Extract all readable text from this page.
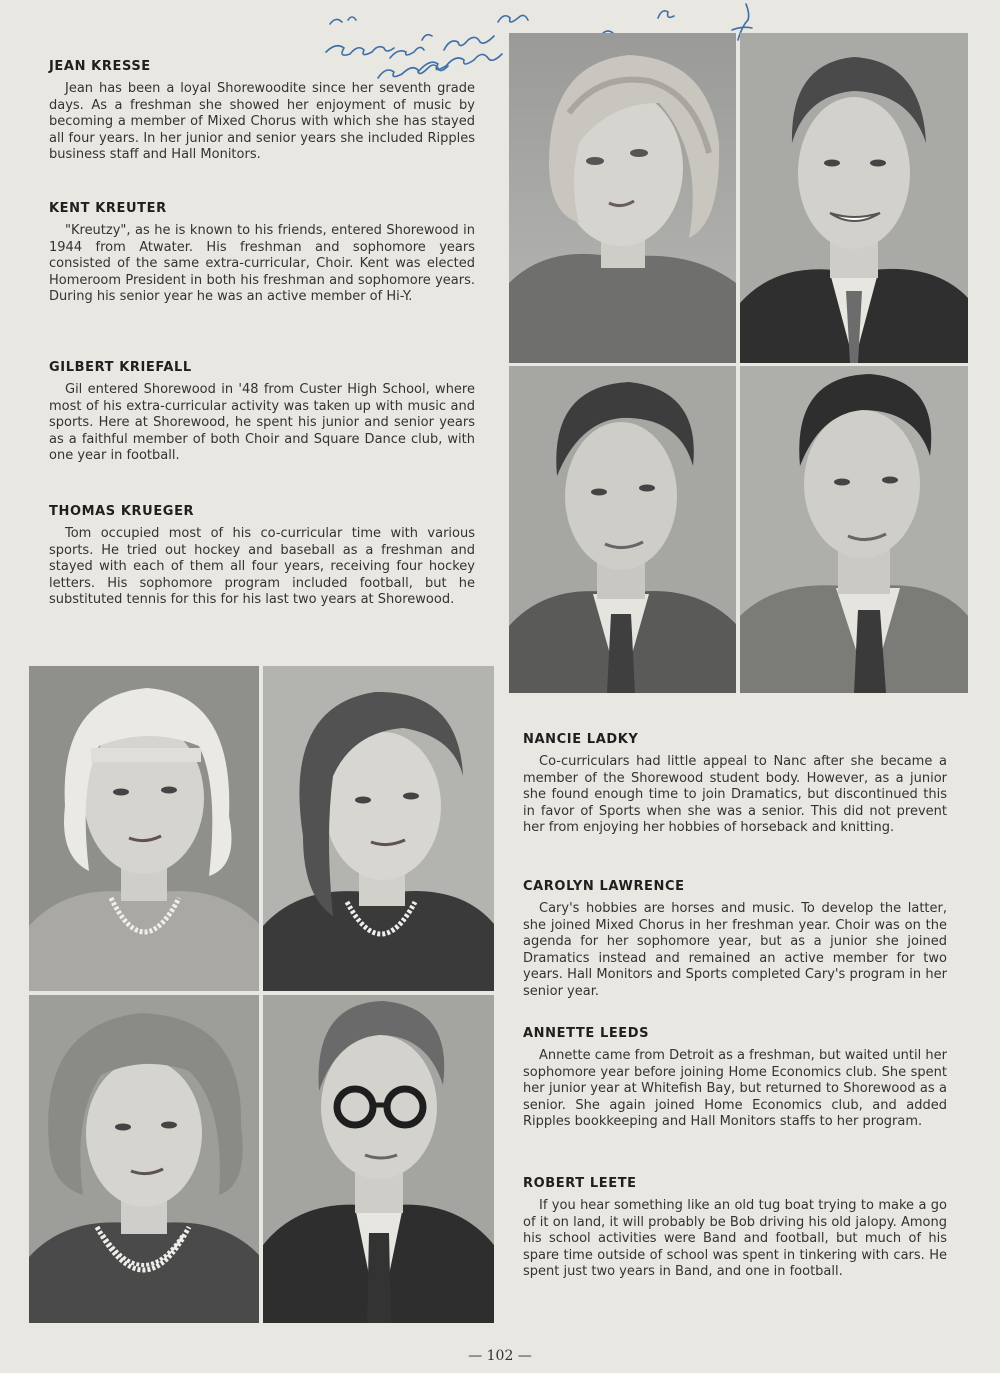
JEAN KRESSE

Jean has been a loyal Shorewoodite since her seventh grade days. As a freshman she showed her enjoyment of music by becoming a member of Mixed Chorus with which she has stayed all four years. In her junior and senior years she included Ripples business staff and Hall Monitors.

KENT KREUTER

"Kreutzy", as he is known to his friends, entered Shorewood in 1944 from Atwater. His freshman and sophomore years consisted of the same extra-curricular, Choir. Kent was elected Homeroom President in both his freshman and sophomore years. During his senior year he was an active member of Hi-Y.

GILBERT KRIEFALL

Gil entered Shorewood in '48 from Custer High School, where most of his extra-curricular activity was taken up with music and sports. Here at Shorewood, he spent his junior and senior years as a faithful member of both Choir and Square Dance club, with one year in football.

THOMAS KRUEGER

Tom occupied most of his co-curricular time with various sports. He tried out hockey and baseball as a freshman and stayed with each of them all four years, receiving four hockey letters. His sophomore program included football, but he substituted tennis for this for his last two years at Shorewood.

NANCIE LADKY

Co-curriculars had little appeal to Nanc after she became a member of the Shorewood student body. However, as a junior she found enough time to join Dramatics, but discontinued this in favor of Sports when she was a senior. This did not prevent her from enjoying her hobbies of horseback and knitting.

CAROLYN LAWRENCE

Cary's hobbies are horses and music. To develop the latter, she joined Mixed Chorus in her freshman year. Choir was on the agenda for her sophomore year, but as a junior she joined Dramatics instead and remained an active member for two years. Hall Monitors and Sports completed Cary's program in her senior year.

ANNETTE LEEDS

Annette came from Detroit as a freshman, but waited until her sophomore year before joining Home Economics club. She spent her junior year at Whitefish Bay, but returned to Shorewood as a senior. She again joined Home Economics club, and added Ripples bookkeeping and Hall Monitors staffs to her program.

ROBERT LEETE

If you hear something like an old tug boat trying to make a go of it on land, it will probably be Bob driving his old jalopy. Among his school activities were Band and football, but much of his spare time outside of school was spent in tinkering with cars. He spent just two years in Band, and one in football.

— 102 —
